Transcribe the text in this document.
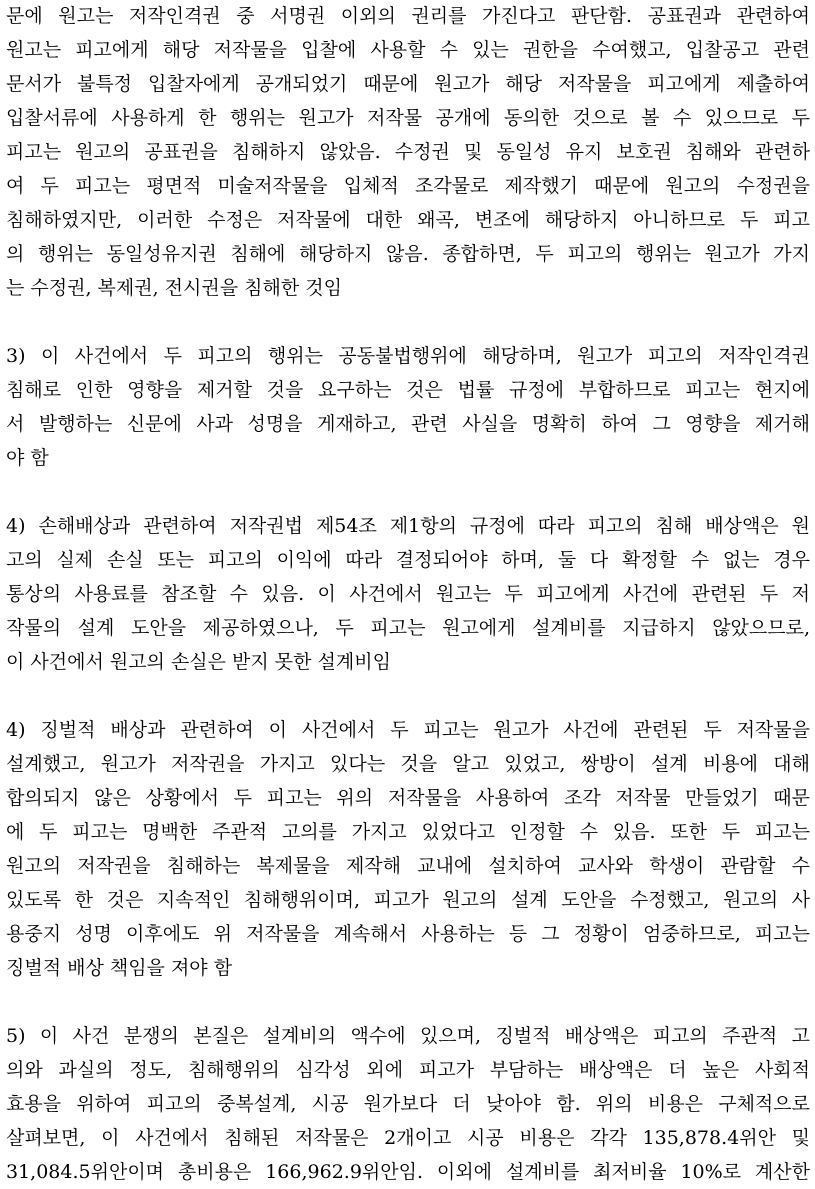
문에 원고는 저작인격권 중 서명권 이외의 권리를 가진다고 판단함. 공표권과 관련하여
원고는 피고에게 해당 저작물을 입찰에 사용할 수 있는 권한을 수여했고, 입찰공고 관련
문서가 불특정 입찰자에게 공개되었기 때문에 원고가 해당 저작물을 피고에게 제출하여
입찰서류에 사용하게 한 행위는 원고가 저작물 공개에 동의한 것으로 볼 수 있으므로 두
피고는 원고의 공표권을 침해하지 않았음. 수정권 및 동일성 유지 보호권 침해와 관련하
여 두 피고는 평면적 미술저작물을 입체적 조각물로 제작했기 때문에 원고의 수정권을
침해하였지만, 이러한 수정은 저작물에 대한 왜곡, 변조에 해당하지 아니하므로 두 피고
의 행위는 동일성유지권 침해에 해당하지 않음. 종합하면, 두 피고의 행위는 원고가 가지
는 수정권, 복제권, 전시권을 침해한 것임
3) 이 사건에서 두 피고의 행위는 공동불법행위에 해당하며, 원고가 피고의 저작인격권
침해로 인한 영향을 제거할 것을 요구하는 것은 법률 규정에 부합하므로 피고는 현지에
서 발행하는 신문에 사과 성명을 게재하고, 관련 사실을 명확히 하여 그 영향을 제거해
야 함
4) 손해배상과 관련하여 저작권법 제54조 제1항의 규정에 따라 피고의 침해 배상액은 원
고의 실제 손실 또는 피고의 이익에 따라 결정되어야 하며, 둘 다 확정할 수 없는 경우
통상의 사용료를 참조할 수 있음. 이 사건에서 원고는 두 피고에게 사건에 관련된 두 저
작물의 설계 도안을 제공하였으나, 두 피고는 원고에게 설계비를 지급하지 않았으므로,
이 사건에서 원고의 손실은 받지 못한 설계비임
4) 징벌적 배상과 관련하여 이 사건에서 두 피고는 원고가 사건에 관련된 두 저작물을
설계했고, 원고가 저작권을 가지고 있다는 것을 알고 있었고, 쌍방이 설계 비용에 대해
합의되지 않은 상황에서 두 피고는 위의 저작물을 사용하여 조각 저작물 만들었기 때문
에 두 피고는 명백한 주관적 고의를 가지고 있었다고 인정할 수 있음. 또한 두 피고는
원고의 저작권을 침해하는 복제물을 제작해 교내에 설치하여 교사와 학생이 관람할 수
있도록 한 것은 지속적인 침해행위이며, 피고가 원고의 설계 도안을 수정했고, 원고의 사
용중지 성명 이후에도 위 저작물을 계속해서 사용하는 등 그 정황이 엄중하므로, 피고는
징벌적 배상 책임을 져야 함
5) 이 사건 분쟁의 본질은 설계비의 액수에 있으며, 징벌적 배상액은 피고의 주관적 고
의와 과실의 정도, 침해행위의 심각성 외에 피고가 부담하는 배상액은 더 높은 사회적
효용을 위하여 피고의 중복설계, 시공 원가보다 더 낮아야 함. 위의 비용은 구체적으로
살펴보면, 이 사건에서 침해된 저작물은 2개이고 시공 비용은 각각 135,878.4위안 및
31,084.5위안이며 총비용은 166,962.9위안임. 이외에 설계비를 최저비율 10%로 계산한
